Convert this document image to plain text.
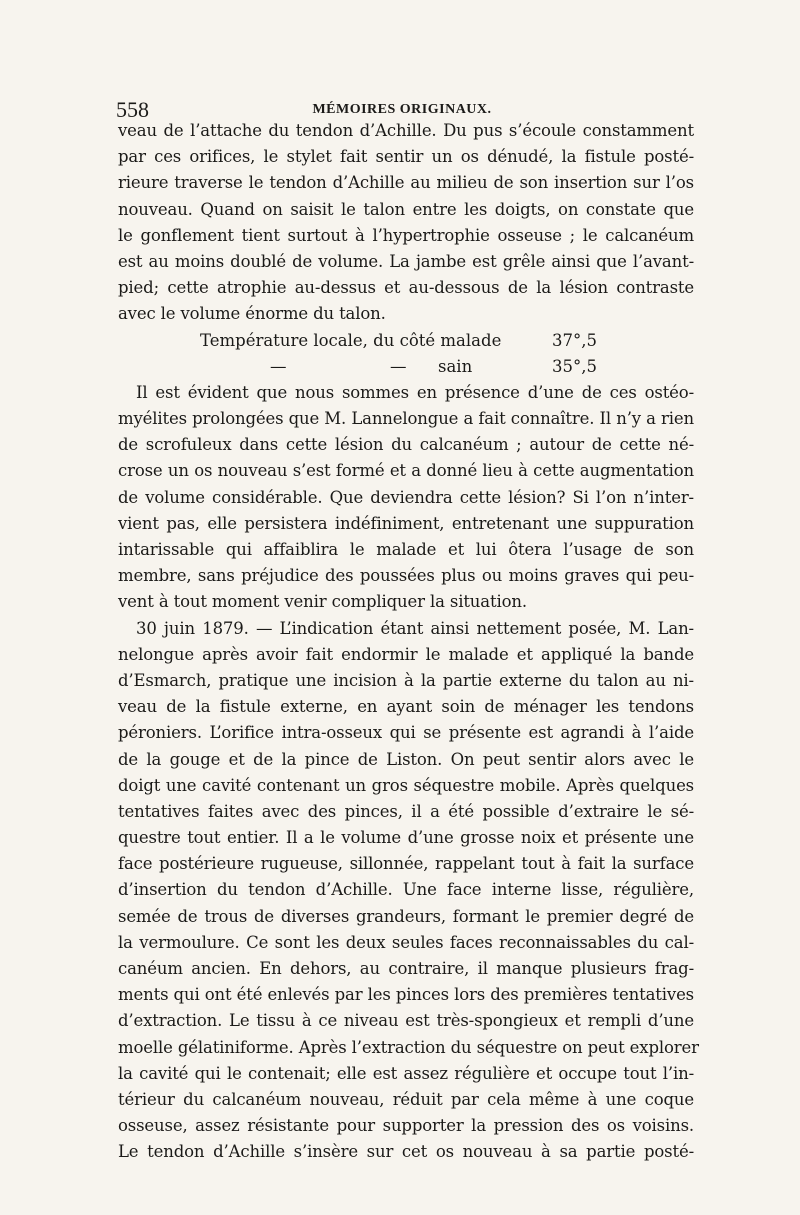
558	MÉMOIRES ORIGINAUX.
veau de l’attache du tendon d’Achille. Du pus s’écoule constamment
par ces orifices, le stylet fait sentir un os dénudé, la fistule posté-
rieure traverse le tendon d’Achille au milieu de son insertion sur l’os
nouveau. Quand on saisit le talon entre les doigts, on constate que
le gonflement tient surtout à l’hypertrophie osseuse ; le calcanéum
est au moins doublé de volume. La jambe est grêle ainsi que l’avant-
pied; cette atrophie au-dessus et au-dessous de la lésion contraste
avec le volume énorme du talon.
Température locale, du côté malade	37°,5
—	— sain	35°,5
Il est évident que nous sommes en présence d’une de ces ostéo-
myélites prolongées que M. Lannelongue a fait connaître. Il n’y a rien
de scrofuleux dans cette lésion du calcanéum ; autour de cette né-
crose un os nouveau s’est formé et a donné lieu à cette augmentation
de volume considérable. Que deviendra cette lésion? Si l’on n’inter-
vient pas, elle persistera indéfiniment, entretenant une suppuration
intarissable qui affaiblira le malade et lui ôtera l’usage de son
membre, sans préjudice des poussées plus ou moins graves qui peu-
vent à tout moment venir compliquer la situation.
30 juin 1879. — L’indication étant ainsi nettement posée, M. Lan-
nelongue après avoir fait endormir le malade et appliqué la bande
d’Esmarch, pratique une incision à la partie externe du talon au ni-
veau de la fistule externe, en ayant soin de ménager les tendons
péroniers. L’orifice intra-osseux qui se présente est agrandi à l’aide
de la gouge et de la pince de Liston. On peut sentir alors avec le
doigt une cavité contenant un gros séquestre mobile. Après quelques
tentatives faites avec des pinces, il a été possible d’extraire le sé-
questre tout entier. Il a le volume d’une grosse noix et présente une
face postérieure rugueuse, sillonnée, rappelant tout à fait la surface
d’insertion du tendon d’Achille. Une face interne lisse, régulière,
semée de trous de diverses grandeurs, formant le premier degré de
la vermoulure. Ce sont les deux seules faces reconnaissables du cal-
canéum ancien. En dehors, au contraire, il manque plusieurs frag-
ments qui ont été enlevés par les pinces lors des premières tentatives
d’extraction. Le tissu à ce niveau est très-spongieux et rempli d’une
moelle gélatiniforme. Après l’extraction du séquestre on peut explorer
la cavité qui le contenait; elle est assez régulière et occupe tout l’in-
térieur du calcanéum nouveau, réduit par cela même à une coque
osseuse, assez résistante pour supporter la pression des os voisins.
Le tendon d’Achille s’insère sur cet os nouveau à sa partie posté-
